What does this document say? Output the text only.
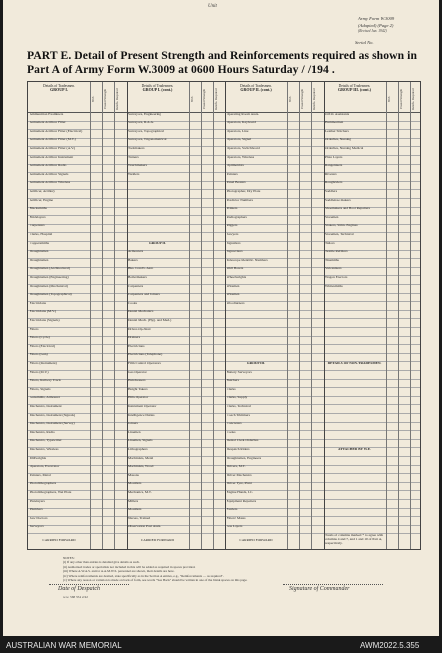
Unit
Army Form W.3009
(Adapted) (Page 2)
(Revised Jan. 1942)
Serial No.
PART E. Detail of Present Strength and Reinforcements required as shown in
Part A of Army Form W.3009 at 0600 Hours Saturday / /194 .
Details of Tradesmen.
GROUP I.
W.E.	Posted Strength	Reinfs. Required
Ammunition Examiners
Armament Artificer Fitter
Armament Artificer Fitter (Electrical)
Armament Artificer Fitter (M.V.)
Armament Artificer Fitter (A.V.)
Armament Artificer Instrument
Armament Artificer Radio
Armament Artificer Signals
Armament Artificer Wireless
Artificer, Artillery
Artificer, Engine
Blacksmiths
Bricklayers
Carpenters
Clerks, Hospital
Coppersmiths
Draughtsmen
Draughtsmen
Draughtsmen (Architectural)
Draughtsmen (Engineering)
Draughtsmen (Mechanical)
Draughtsmen (Topographical)
Electricians
Electricians (M.V.)
Electricians (Signals)
Fitters
Fitters (Cycle)
Fitters (Electrical)
Fitters (Gun)
Fitters (Instrument)
Fitters (M.V.)
Fitters, Railway Track
Fitters, Signals
Gunsmiths, Armourer
Mechanics, Instrument
Mechanics, Instrument (Signals)
Mechanics, Instrument (Survey)
Mechanics, Radio
Mechanics, Typewriter
Mechanics, Wireless
Millwrights
Operators, Excavator
Painters, Metal
Photolithographers
Photolithographers, Wet Plate
Platelayers
Plumbers
Saw Doctors
Surveyors
CARRIED FORWARD
Details of Tradesmen.
GROUP I. (cont.)
W.E.	Posted Strength	Reinfs. Required
Surveyors, Engineering
Surveyors, R.A.A.
Surveyors, Topographical
Surveyors, Trigonometrical
Toolmakers
Turners
Watchmakers
Welders
GROUP II.
Armourers
Bakers
Bks. Cond's. Asst.
Boilermakers
Carpenters
Carpenters and Joiners
Cooks
Dental Mechanics
Dental Mech. (Hyg. and Med.)
Driver-Op./Instr
Drainers
Electricians
Electricians (Telephone)
Film Control Operators
Gas Operator
Hairdressers
Height Takers
Hills Operator
Instrument Operator
Intelligence Duties
Joiners
Linemen
Linemen, Signals
Lithographers
Machinists, Metal
Machinists, Wood
Masons
Moulders
Mechanics, M.T.
Millers
Moulders
Nurses, Trained
Observation Post Assts.
CARRIED FORWARD
Details of Tradesmen.
GROUP II. (cont.)
W.E.	Posted Strength	Reinfs. Required
Operating Room Assts.
Operators, Keyboard
Operators, Line
Operators, Signal
Operators, Switchboard
Operators, Wireless
Optimetrists
Painters
Panel Beaters
Photographer, Dry Plate
Predictor Numbers
Printers
Radiographers
Riggers
Sawyers
Signallers
Signwriters
Telescope Identific. Numbers
Well Borers
Wheelwrights
Wiremen
Wiremen
Woodturners
GROUP III.
Battery Surveyors
Butchers
Clerks
Clerks, Supply
Clerks, Technical
Coach Trimmers
Concreters
Cooks
Dental Clerk Orderlies
Despatch Riders
Draughtsmen, Engineers
Drivers, M.T.
Driver Mechanics
Driver Tyre, Plant
Engine Hands, I.C.
Equipment Repairers
Farriers
Fitters' Mates
Gas Layers
CARRIED FORWARD
Details of Tradesmen.
GROUP III. (cont.)
W.E.	Posted Strength	Reinfs. Required
O.P.O. Assistants
Hammermen
Leather Stitchers
Orderlies, Nursing
Orderlies, Nursing Medical
Plate Layers
Rangetakers
Riveters
Roughriders
Saddlers
Saddletree makers
Shoemakers and Boot Repairers
Storemen
Stokers, Stmn. Engines
Storemen, Technical
Tailors
Textile Refitters
Tinsmiths
Vulcanizers
Wagon Erectors
Whitesmiths
DETAILS OF NON-TRADESMEN.
ATTACHED BY W.E.
Totals of columns marked * to agree with columns 4 and 7, and 1 and 10 of Part A, respectively.
NOTES:
(i) If any other than entries is detailed give details as such.
(ii) Authorised trades or specialists not included in this will be added as required in spaces provided.
(iii) Where A.W.A.S. and/or A.A.M.W.S. personnel are shown, their details are here.
(iv) Where reinforcements are desired, state specifically as in the Section A entries, e.g., "Reinforcements — as required".
(v) Where any reason or variation is made on back of form, see words "See Back" should be written in one of the blank spaces on this page.
Date of Despatch	Signature of Commander
w.w. 568 354 2/42
AUSTRALIAN WAR MEMORIAL	AWM2022.5.355
